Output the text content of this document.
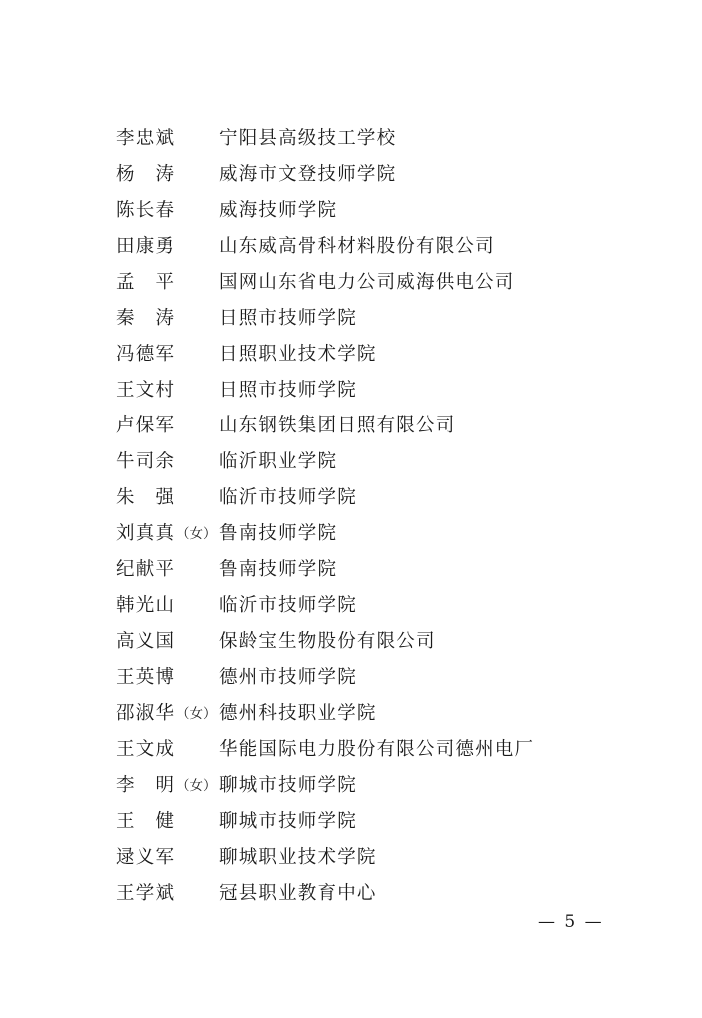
李忠斌 宁阳县高级技工学校
杨 涛 威海市文登技师学院
陈长春 威海技师学院
田康勇 山东威高骨科材料股份有限公司
孟 平 国网山东省电力公司威海供电公司
秦 涛 日照市技师学院
冯德军 日照职业技术学院
王文村 日照市技师学院
卢保军 山东钢铁集团日照有限公司
牛司余 临沂职业学院
朱 强 临沂市技师学院
刘真真 （女） 鲁南技师学院
纪献平 鲁南技师学院
韩光山 临沂市技师学院
高义国 保龄宝生物股份有限公司
王英博 德州市技师学院
邵淑华 （女） 德州科技职业学院
王文成 华能国际电力股份有限公司德州电厂
李 明 （女） 聊城市技师学院
王 健 聊城市技师学院
逯义军 聊城职业技术学院
王学斌 冠县职业教育中心
— 5 —
